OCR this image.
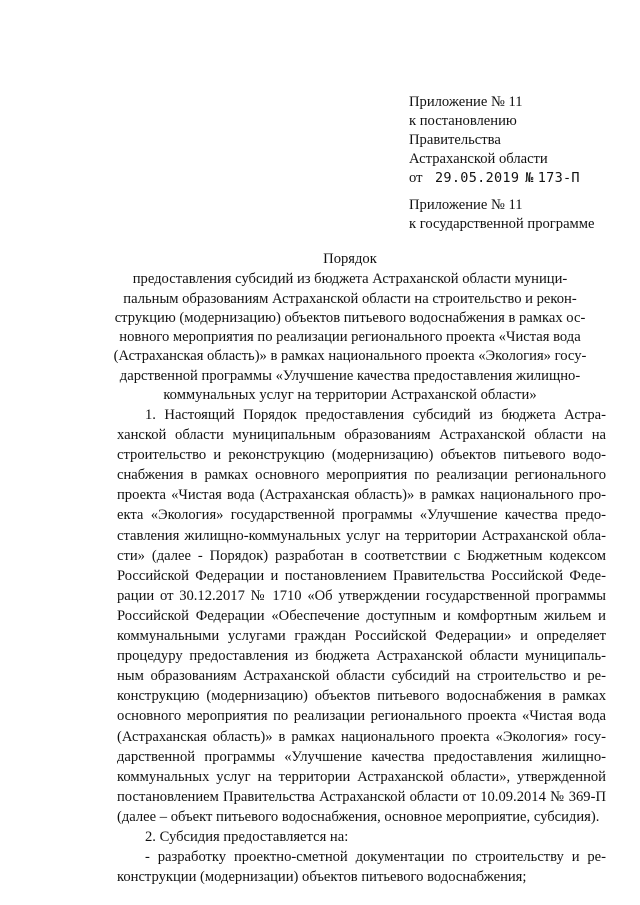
Приложение № 11
к постановлению
Правительства
Астраханской области
от 29.05.2019 № 173-П
Приложение № 11
к государственной программе
Порядок
предоставления субсидий из бюджета Астраханской области муници-
пальным образованиям Астраханской области на строительство и рекон-
струкцию (модернизацию) объектов питьевого водоснабжения в рамках ос-
новного мероприятия по реализации регионального проекта «Чистая вода
(Астраханская область)» в рамках национального проекта «Экология» госу-
дарственной программы «Улучшение качества предоставления жилищно-
коммунальных услуг на территории Астраханской области»
1. Настоящий Порядок предоставления субсидий из бюджета Астра-
ханской области муниципальным образованиям Астраханской области на
строительство и реконструкцию (модернизацию) объектов питьевого водо-
снабжения в рамках основного мероприятия по реализации регионального
проекта «Чистая вода (Астраханская область)» в рамках национального про-
екта «Экология» государственной программы «Улучшение качества предо-
ставления жилищно-коммунальных услуг на территории Астраханской обла-
сти» (далее - Порядок) разработан в соответствии с Бюджетным кодексом
Российской Федерации и постановлением Правительства Российской Феде-
рации от 30.12.2017 № 1710 «Об утверждении государственной программы
Российской Федерации «Обеспечение доступным и комфортным жильем и
коммунальными услугами граждан Российской Федерации» и определяет
процедуру предоставления из бюджета Астраханской области муниципаль-
ным образованиям Астраханской области субсидий на строительство и ре-
конструкцию (модернизацию) объектов питьевого водоснабжения в рамках
основного мероприятия по реализации регионального проекта «Чистая вода
(Астраханская область)» в рамках национального проекта «Экология» госу-
дарственной программы «Улучшение качества предоставления жилищно-
коммунальных услуг на территории Астраханской области», утвержденной
постановлением Правительства Астраханской области от 10.09.2014 № 369-П
(далее – объект питьевого водоснабжения, основное мероприятие, субсидия).
2. Субсидия предоставляется на:
- разработку проектно-сметной документации по строительству и ре-
конструкции (модернизации) объектов питьевого водоснабжения;
